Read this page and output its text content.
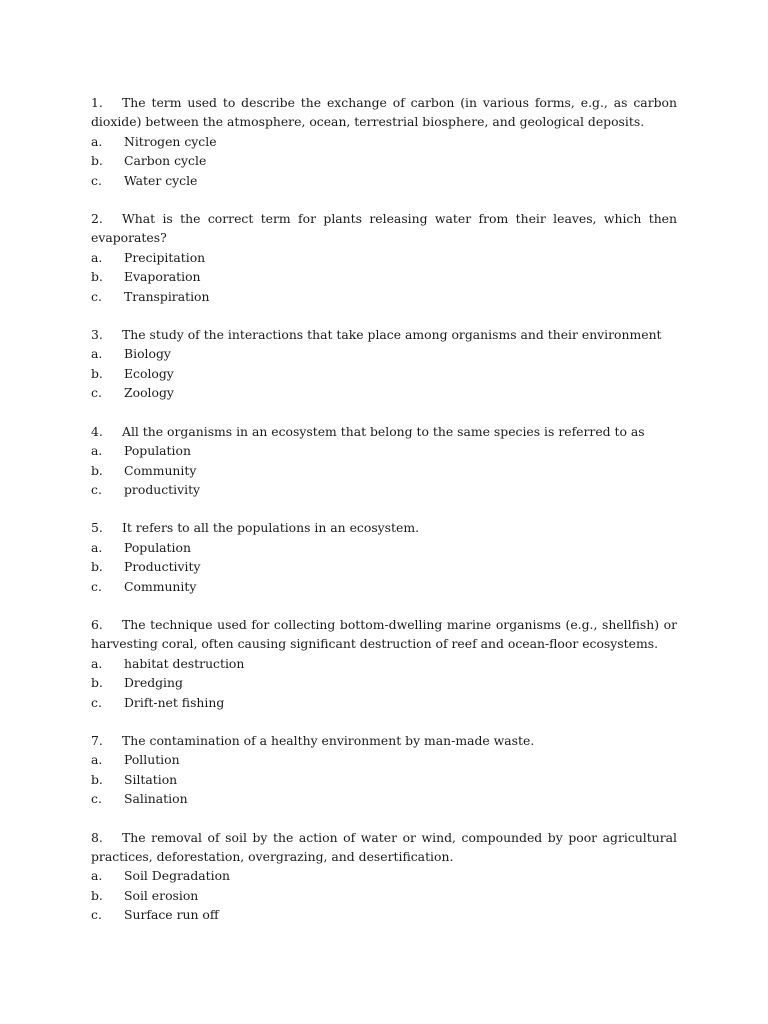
1. The term used to describe the exchange of carbon (in various forms, e.g., as carbon dioxide) between the atmosphere, ocean, terrestrial biosphere, and geological deposits.
a.	Nitrogen cycle
b.	Carbon cycle
c.	Water cycle
2. What is the correct term for plants releasing water from their leaves, which then evaporates?
a.	Precipitation
b.	Evaporation
c.	Transpiration
3. The study of the interactions that take place among organisms and their environment
a.	Biology
b.	Ecology
c.	Zoology
4. All the organisms in an ecosystem that belong to the same species is referred to as
a.	Population
b.	Community
c.	productivity
5. It refers to all the populations in an ecosystem.
a.	Population
b.	Productivity
c.	Community
6. The technique used for collecting bottom-dwelling marine organisms (e.g., shellfish) or harvesting coral, often causing significant destruction of reef and ocean-floor ecosystems.
a.	habitat destruction
b.	Dredging
c.	Drift-net fishing
7. The contamination of a healthy environment by man-made waste.
a.	Pollution
b.	Siltation
c.	Salination
8. The removal of soil by the action of water or wind, compounded by poor agricultural practices, deforestation, overgrazing, and desertification.
a.	Soil Degradation
b.	Soil erosion
c.	Surface run off
